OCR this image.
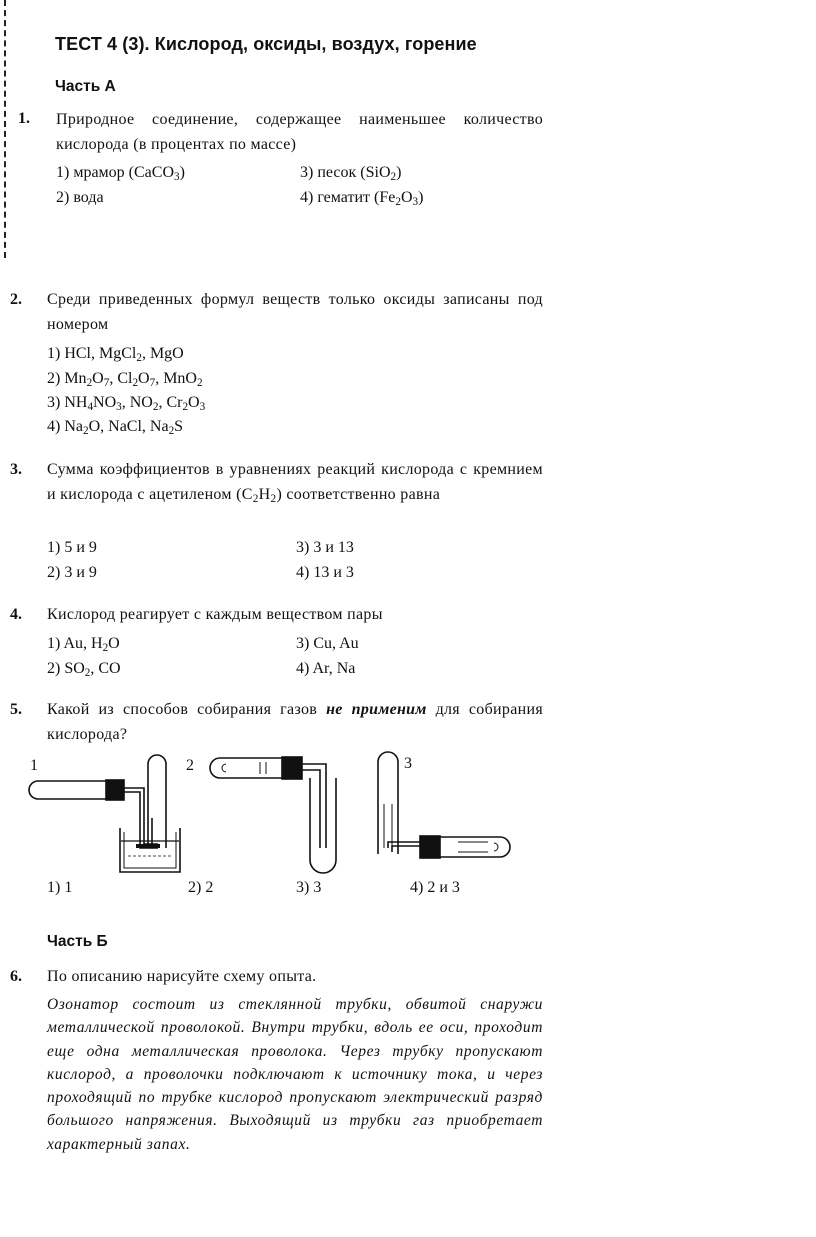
ТЕСТ 4 (3). Кислород, оксиды, воздух, горение
Часть А
1. Природное соединение, содержащее наименьшее количество кислорода (в процентах по массе)
1) мрамор (CaCO$_3$)
2) вода
3) песок (SiO$_2$)
4) гематит $(Fe_2O_3)$
2. Среди приведенных формул веществ только оксиды записаны под номером
1) HCl, MgCl$_2$, MgO
2) $Mn_2O_7$, $Cl_2O_7$, MnO$_2$
3) $NH_4NO_3$, $NO_2$, $Cr_2O_3$
4) $Na_2O$, NaCl, $Na_2S$
3. Сумма коэффициентов в уравнениях реакций кислорода с кремнием и кислорода с ацетиленом $(C_2H_2)$ соответственно равна
1) 5 и 9
2) 3 и 9
3) 3 и 13
4) 13 и 3
4. Кислород реагирует с каждым веществом пары
1) Au, $H_2O$
2) $SO_2$, CO
3) Cu, Au
4) Ar, Na
5. Какой из способов собирания газов не применим для собирания кислорода?
1	2	3
1) 1	2) 2	3) 3	4) 2 и 3
Часть Б
6. По описанию нарисуйте схему опыта.
Озонатор состоит из стеклянной трубки, обвитой снаружи металлической проволокой. Внутри трубки, вдоль ее оси, проходит еще одна металлическая проволока. Через трубку пропускают кислород, а проволочки подключают к источнику тока, и через проходящий по трубке кислород пропускают электрический разряд большого напряжения. Выходящий из трубки газ приобретает характерный запах.
